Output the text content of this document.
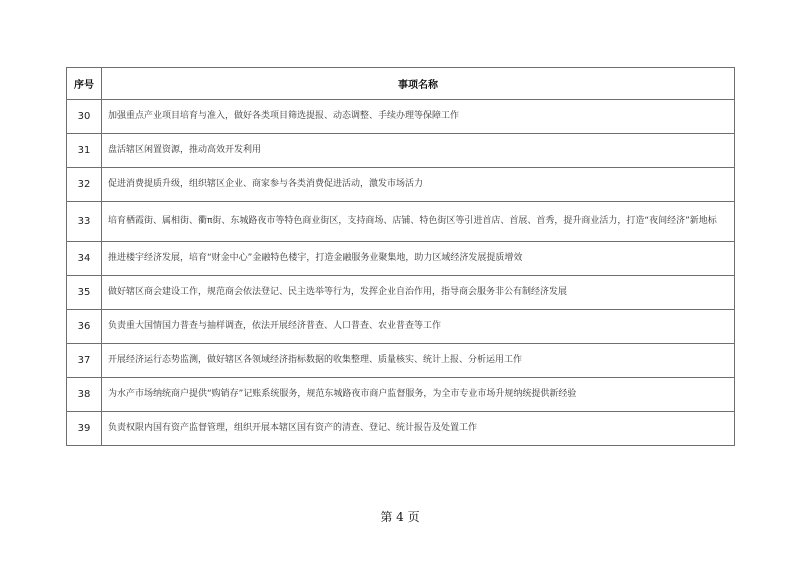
序号	事项名称
30	加强重点产业项目培育与准入，做好各类项目筛选提报、动态调整、手续办理等保障工作
31	盘活辖区闲置资源，推动高效开发利用
32	促进消费提质升级，组织辖区企业、商家参与各类消费促进活动，激发市场活力
33	培育栖霞街、属相街、衢π街、东城路夜市等特色商业街区，支持商场、店铺、特色街区等引进首店、首展、首秀，提升商业活力，打造“夜间经济”新地标
34	推进楼宇经济发展，培育“财金中心”金融特色楼宇，打造金融服务业聚集地，助力区域经济发展提质增效
35	做好辖区商会建设工作，规范商会依法登记、民主选举等行为，发挥企业自治作用，指导商会服务非公有制经济发展
36	负责重大国情国力普查与抽样调查，依法开展经济普查、人口普查、农业普查等工作
37	开展经济运行态势监测，做好辖区各领域经济指标数据的收集整理、质量核实、统计上报、分析运用工作
38	为水产市场纳统商户提供“购销存”记账系统服务，规范东城路夜市商户监督服务，为全市专业市场升规纳统提供新经验
39	负责权限内国有资产监督管理，组织开展本辖区国有资产的清查、登记、统计报告及处置工作
第 4 页
